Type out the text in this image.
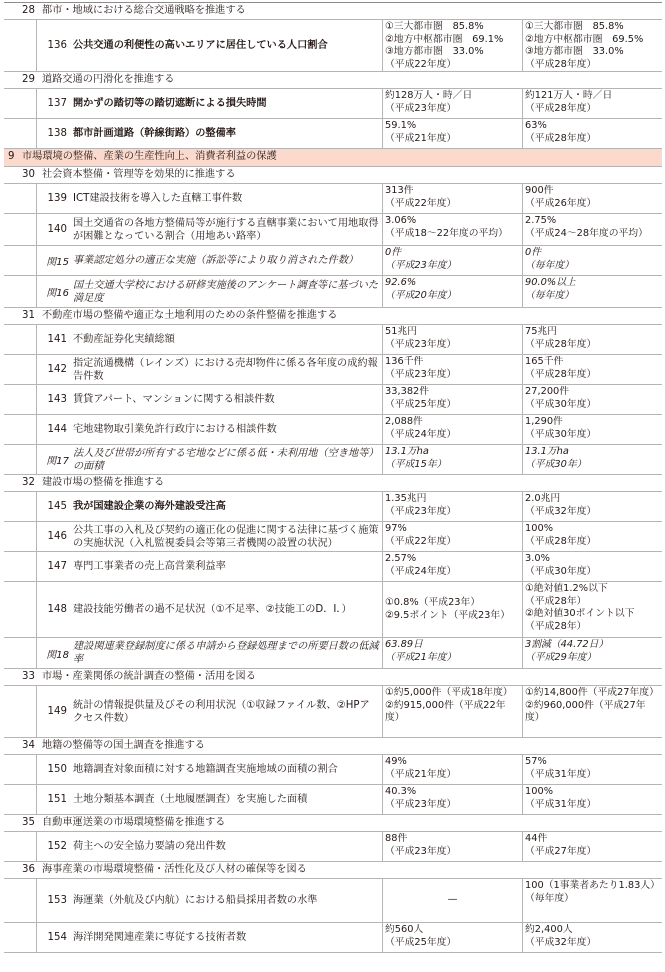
28 都市・地域における総合交通戦略を推進する
136 公共交通の利便性の高いエリアに居住している人口割合
①三大都市圏　85.8%
②地方中枢都市圏　69.1%
③地方都市圏　33.0%
（平成22年度）
①三大都市圏　85.8%
②地方中枢都市圏　69.5%
③地方都市圏　33.0%
（平成28年度）
29 道路交通の円滑化を推進する
137 開かずの踏切等の踏切遮断による損失時間
約128万人・時／日
（平成23年度）
約121万人・時／日
（平成28年度）
138 都市計画道路（幹線街路）の整備率
59.1%
（平成21年度）
63%
（平成28年度）
9 市場環境の整備、産業の生産性向上、消費者利益の保護
30 社会資本整備・管理等を効果的に推進する
139 ICT建設技術を導入した直轄工事件数
313件
（平成22年度）
900件
（平成26年度）
140
国土交通省の各地方整備局等が施行する直轄事業において用地取得が困難となっている割合（用地あい路率）
3.06%
（平成18～22年度の平均）
2.75%
（平成24～28年度の平均）
関15 事業認定処分の適正な実施（訴訟等により取り消された件数）
0件
（平成23年度）
0件
（毎年度）
関16
国土交通大学校における研修実施後のアンケート調査等に基づいた満足度
92.6%
（平成20年度）
90.0%以上
（毎年度）
31 不動産市場の整備や適正な土地利用のための条件整備を推進する
141 不動産証券化実績総額
51兆円
（平成23年度）
75兆円
（平成28年度）
142
指定流通機構（レインズ）における売却物件に係る各年度の成約報告件数
136千件
（平成23年度）
165千件
（平成28年度）
143 賃貸アパート、マンションに関する相談件数
33,382件
（平成25年度）
27,200件
（平成30年度）
144 宅地建物取引業免許行政庁における相談件数
2,088件
（平成24年度）
1,290件
（平成30年度）
関17
法人及び世帯が所有する宅地などに係る低・未利用地（空き地等）の面積
13.1万ha
（平成15年）
13.1万ha
（平成30年）
32 建設市場の整備を推進する
145 我が国建設企業の海外建設受注高
1.35兆円
（平成23年度）
2.0兆円
（平成32年度）
146
公共工事の入札及び契約の適正化の促進に関する法律に基づく施策の実施状況（入札監視委員会等第三者機関の設置の状況）
97%
（平成22年度）
100%
（平成28年度）
147 専門工事業者の売上高営業利益率
2.57%
（平成24年度）
3.0%
（平成30年度）
148 建設技能労働者の過不足状況（①不足率、②技能工のD．I．）
①0.8%（平成23年）
②9.5ポイント（平成23年）
①絶対値1.2%以下
（平成28年）
②絶対値30ポイント以下
（平成28年）
関18
建設関連業登録制度に係る申請から登録処理までの所要日数の低減率
63.89日
（平成21年度）
3割減（44.72日）
（平成29年度）
33 市場・産業関係の統計調査の整備・活用を図る
149
統計の情報提供量及びその利用状況（①収録ファイル数、②HPアクセス件数）
①約5,000件（平成18年度）
②約915,000件（平成22年度）
①約14,800件（平成27年度）
②約960,000件（平成27年度）
34 地籍の整備等の国土調査を推進する
150 地籍調査対象面積に対する地籍調査実施地域の面積の割合
49%
（平成21年度）
57%
（平成31年度）
151 土地分類基本調査（土地履歴調査）を実施した面積
40.3%
（平成23年度）
100%
（平成31年度）
35 自動車運送業の市場環境整備を推進する
152 荷主への安全協力要請の発出件数
88件
（平成23年度）
44件
（平成27年度）
36 海事産業の市場環境整備・活性化及び人材の確保等を図る
153 海運業（外航及び内航）における船員採用者数の水準	—
100（1事業者あたり1.83人）
（毎年度）
154 海洋開発関連産業に専従する技術者数
約560人
（平成25年度）
約2,400人
（平成32年度）
